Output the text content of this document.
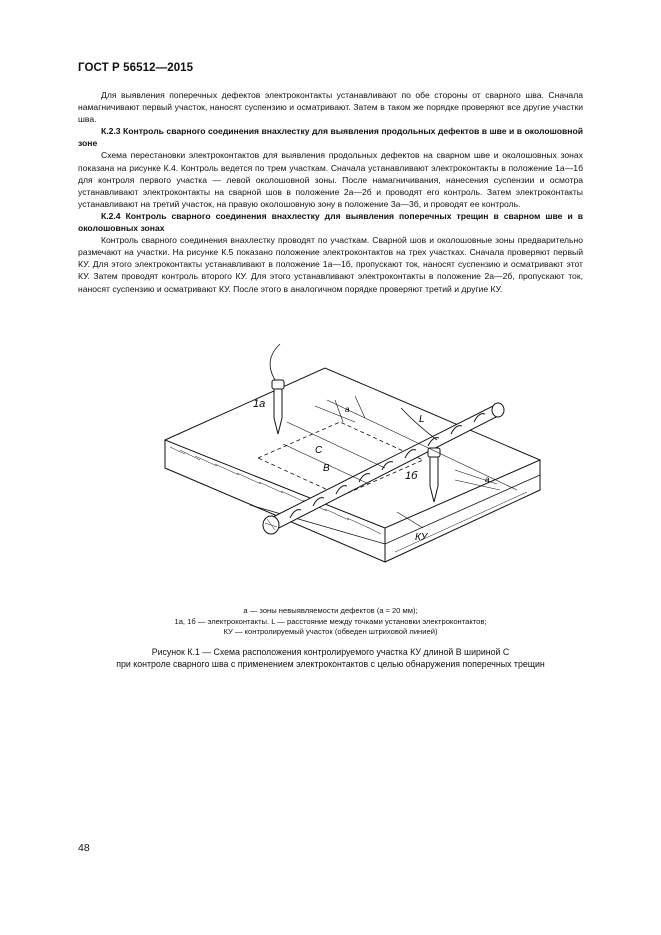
ГОСТ Р 56512—2015

Для выявления поперечных дефектов электроконтакты устанавливают по обе стороны от сварного шва. Сначала намагничивают первый участок, наносят суспензию и осматривают. Затем в таком же порядке проверяют все другие участки шва.

К.2.3 Контроль сварного соединения внахлестку для выявления продольных дефектов в шве и в околошовной зоне

Схема перестановки электроконтактов для выявления продольных дефектов на сварном шве и околошовных зонах показана на рисунке К.4. Контроль ведется по трем участкам. Сначала устанавливают электроконтакты в положение 1а—1б для контроля первого участка — левой околошовной зоны. После намагничивания, нанесения суспензии и осмотра устанавливают электроконтакты на сварной шов в положение 2а—2б и проводят его контроль. Затем электроконтакты устанавливают на третий участок, на правую околошовную зону в положение 3а—3б, и проводят ее контроль.

К.2.4 Контроль сварного соединения внахлестку для выявления поперечных трещин в сварном шве и в околошовных зонах

Контроль сварного соединения внахлестку проводят по участкам. Сварной шов и околошовные зоны предварительно размечают на участки. На рисунке К.5 показано положение электроконтактов на трех участках. Сначала проверяют первый КУ. Для этого электроконтакты устанавливают в положение 1а—1б, пропускают ток, наносят суспензию и осматривают этот КУ. Затем проводят контроль второго КУ. Для этого устанавливают электроконтакты в положение 2а—2б, пропускают ток, наносят суспензию и осматривают КУ. После этого в аналогичном порядке проверяют третий и другие КУ.

1а
1б
а
а
L
C
B
КУ
а — зоны невыявляемости дефектов (а ≈ 20 мм);
1а, 1б — электроконтакты. L — расстояние между точками установки электроконтактов;
КУ — контролируемый участок (обведен штриховой линией)
Рисунок К.1 — Схема расположения контролируемого участка КУ длиной В шириной С
при контроле сварного шва с применением электроконтактов с целью обнаружения поперечных трещин
48
